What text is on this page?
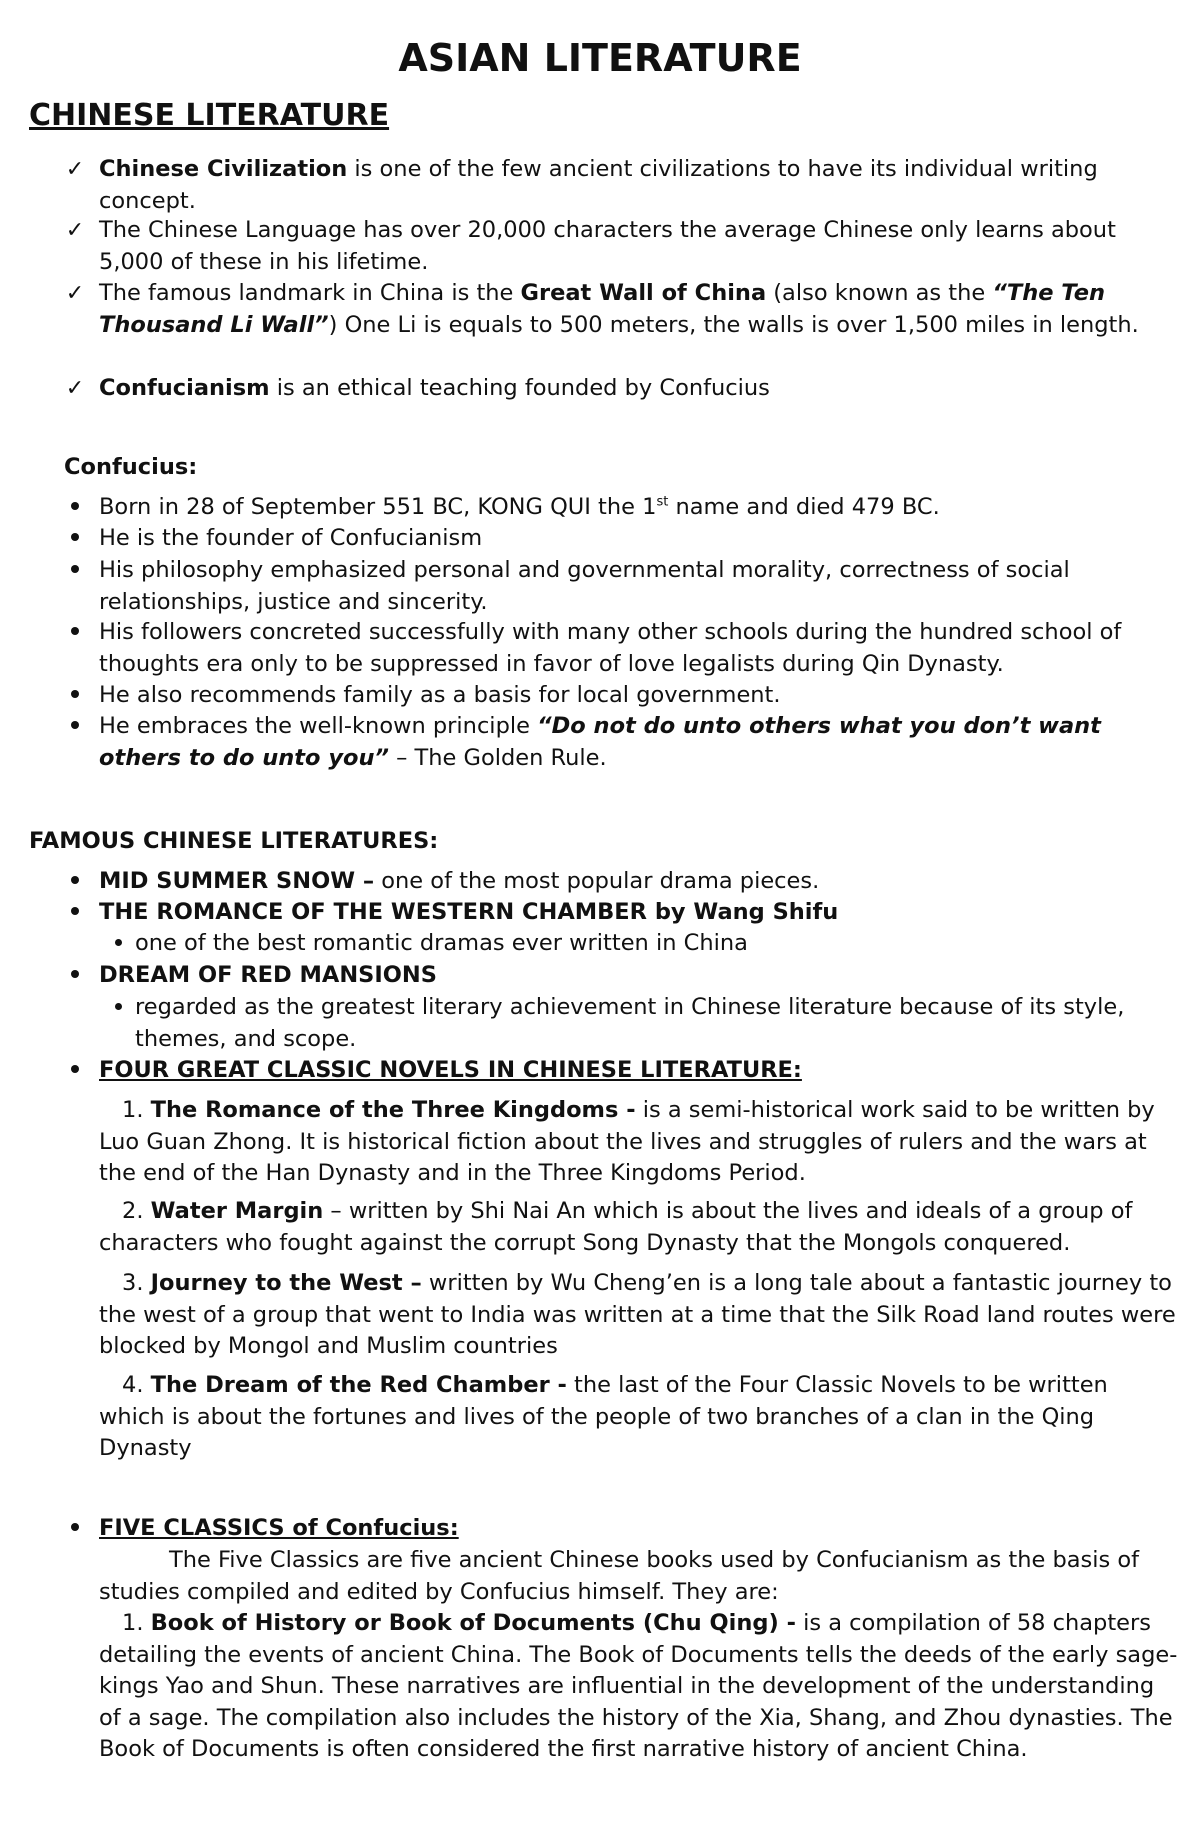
ASIAN LITERATURE
CHINESE LITERATURE
✓ Chinese Civilization is one of the few ancient civilizations to have its individual writing concept.
✓ The Chinese Language has over 20,000 characters the average Chinese only learns about 5,000 of these in his lifetime.
✓ The famous landmark in China is the Great Wall of China (also known as the “The Ten Thousand Li Wall”) One Li is equals to 500 meters, the walls is over 1,500 miles in length.
✓ Confucianism is an ethical teaching founded by Confucius
Confucius:
Born in 28 of September 551 BC, KONG QUI the 1st name and died 479 BC.
He is the founder of Confucianism
His philosophy emphasized personal and governmental morality, correctness of social relationships, justice and sincerity.
His followers concreted successfully with many other schools during the hundred school of thoughts era only to be suppressed in favor of love legalists during Qin Dynasty.
He also recommends family as a basis for local government.
He embraces the well-known principle “Do not do unto others what you don’t want others to do unto you” – The Golden Rule.
FAMOUS CHINESE LITERATURES:
MID SUMMER SNOW – one of the most popular drama pieces.
THE ROMANCE OF THE WESTERN CHAMBER by Wang Shifu
one of the best romantic dramas ever written in China
DREAM OF RED MANSIONS
regarded as the greatest literary achievement in Chinese literature because of its style, themes, and scope.
FOUR GREAT CLASSIC NOVELS IN CHINESE LITERATURE:
1. The Romance of the Three Kingdoms - is a semi-historical work said to be written by Luo Guan Zhong. It is historical fiction about the lives and struggles of rulers and the wars at the end of the Han Dynasty and in the Three Kingdoms Period.
2. Water Margin – written by Shi Nai An which is about the lives and ideals of a group of characters who fought against the corrupt Song Dynasty that the Mongols conquered.
3. Journey to the West – written by Wu Cheng’en is a long tale about a fantastic journey to the west of a group that went to India was written at a time that the Silk Road land routes were blocked by Mongol and Muslim countries
4. The Dream of the Red Chamber - the last of the Four Classic Novels to be written which is about the fortunes and lives of the people of two branches of a clan in the Qing Dynasty
FIVE CLASSICS of Confucius:
The Five Classics are five ancient Chinese books used by Confucianism as the basis of studies compiled and edited by Confucius himself. They are:
1. Book of History or Book of Documents (Chu Qing) - is a compilation of 58 chapters detailing the events of ancient China. The Book of Documents tells the deeds of the early sage-kings Yao and Shun. These narratives are influential in the development of the understanding of a sage. The compilation also includes the history of the Xia, Shang, and Zhou dynasties. The Book of Documents is often considered the first narrative history of ancient China.
